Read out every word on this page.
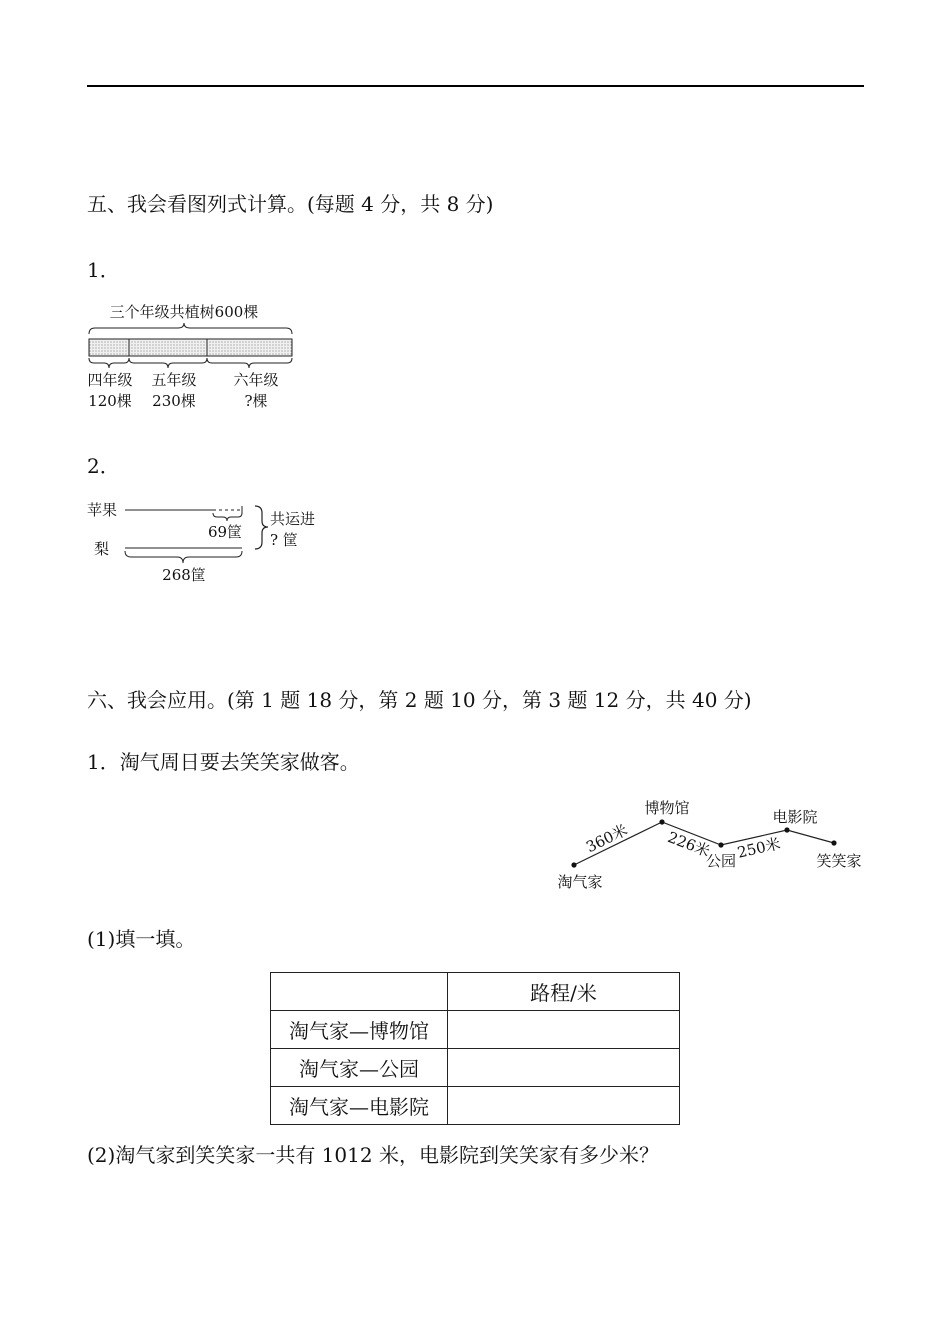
五、我会看图列式计算。(每题 4 分，共 8 分)
1．
三个年级共植树600棵
四年级
120棵
五年级
230棵
六年级
?棵
2．
苹果
69筐
梨
268筐
共运进
? 筐
六、我会应用。(第 1 题 18 分，第 2 题 10 分，第 3 题 12 分，共 40 分)
1．淘气周日要去笑笑家做客。
淘气家
博物馆
公园
电影院
笑笑家
360米 226米 250米
(1)填一填。
	路程/米
淘气家—博物馆	
淘气家—公园	
淘气家—电影院	
(2)淘气家到笑笑家一共有 1012 米，电影院到笑笑家有多少米？
